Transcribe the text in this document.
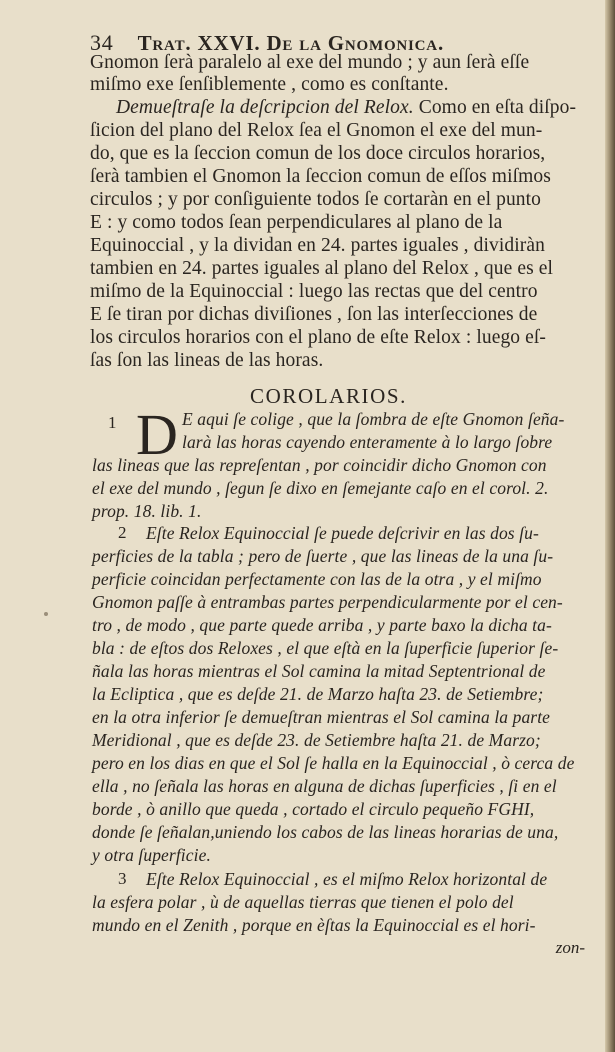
34 Trat. XXVI. De la Gnomonica.
Gnomon ſerà paralelo al exe del mundo ; y aun ſerà eſſe
miſmo exe ſenſiblemente , como es conſtante.
Demueſtraſe la deſcripcion del Relox. Como en eſta diſpo-
ſicion del plano del Relox ſea el Gnomon el exe del mun-
do, que es la ſeccion comun de los doce circulos horarios,
ſerà tambien el Gnomon la ſeccion comun de eſſos miſmos
circulos ; y por conſiguiente todos ſe cortaràn en el punto
E : y como todos ſean perpendiculares al plano de la
Equinoccial , y la dividan en 24. partes iguales , dividiràn
tambien en 24. partes iguales al plano del Relox , que es el
miſmo de la Equinoccial : luego las rectas que del centro
E ſe tiran por dichas diviſiones , ſon las interſecciones de
los circulos horarios con el plano de eſte Relox : luego eſ-
ſas ſon las lineas de las horas.
COROLARIOS.
1 D E aqui ſe colige , que la ſombra de eſte Gnomon ſeña-
larà las horas cayendo enteramente à lo largo ſobre
las lineas que las repreſentan , por coincidir dicho Gnomon con
el exe del mundo , ſegun ſe dixo en ſemejante caſo en el corol. 2.
prop. 18. lib. 1.
2 Eſte Relox Equinoccial ſe puede deſcrivir en las dos ſu-
perficies de la tabla ; pero de ſuerte , que las lineas de la una ſu-
perficie coincidan perfectamente con las de la otra , y el miſmo
Gnomon paſſe à entrambas partes perpendicularmente por el cen-
tro , de modo , que parte quede arriba , y parte baxo la dicha ta-
bla : de eſtos dos Reloxes , el que eſtà en la ſuperficie ſuperior ſe-
ñala las horas mientras el Sol camina la mitad Septentrional de
la Ecliptica , que es deſde 21. de Marzo haſta 23. de Setiembre;
en la otra inferior ſe demueſtran mientras el Sol camina la parte
Meridional , que es deſde 23. de Setiembre haſta 21. de Marzo;
pero en los dias en que el Sol ſe halla en la Equinoccial , ò cerca de
ella , no ſeñala las horas en alguna de dichas ſuperficies , ſi en el
borde , ò anillo que queda , cortado el circulo pequeño FGHI,
donde ſe ſeñalan,uniendo los cabos de las lineas horarias de una,
y otra ſuperficie.
3 Eſte Relox Equinoccial , es el miſmo Relox horizontal de
la esfera polar , ù de aquellas tierras que tienen el polo del
mundo en el Zenith , porque en èſtas la Equinoccial es el hori-
zon-
